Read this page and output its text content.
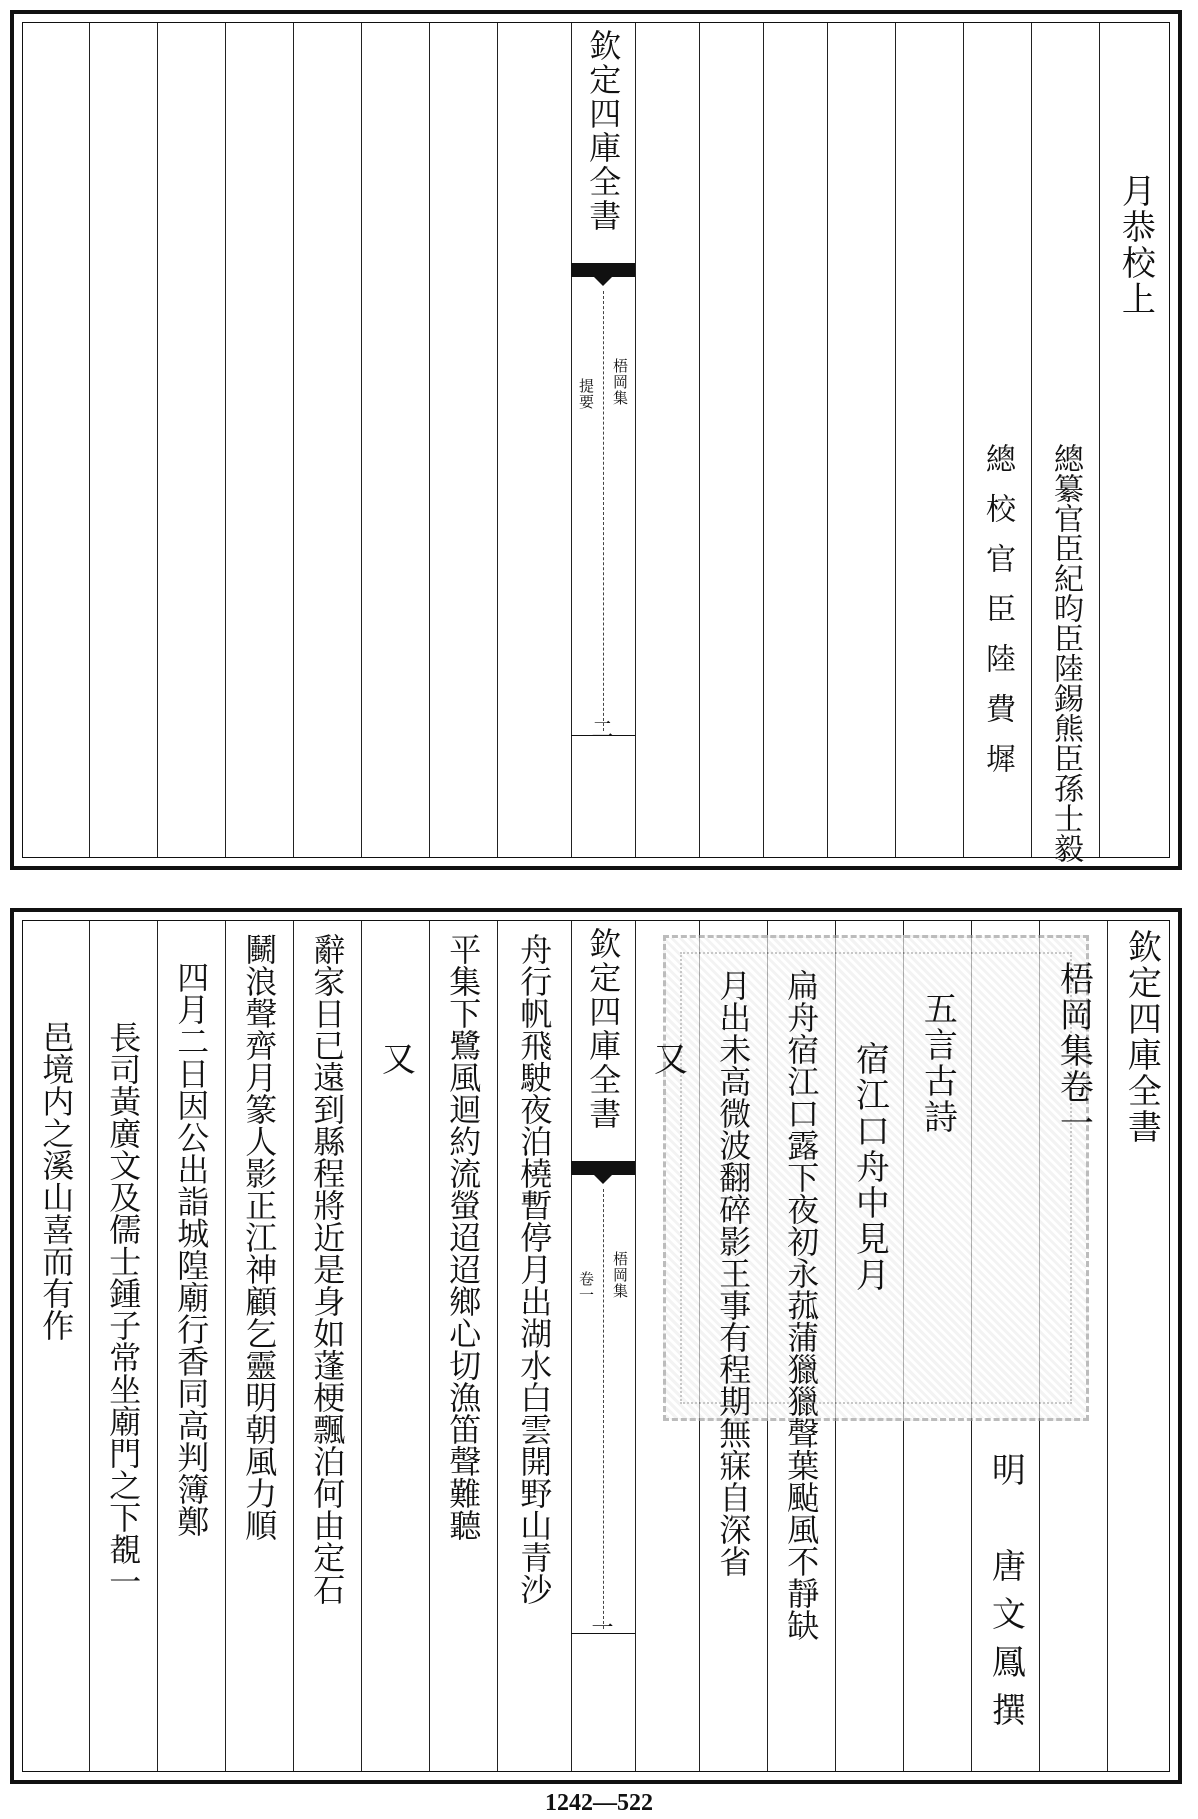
欽定四庫全書
梧岡集
提要
二
月恭校上
總纂官臣紀昀臣陸錫熊臣孫士毅
總校官臣陸費墀
欽定四庫全書
梧岡集卷一
明
唐文鳳撰
五言古詩
宿江口舟中見月
扁舟宿江口露下夜初永菰蒲獵獵聲葉颭風不靜缺
月出未高微波翻碎影王事有程期無寐自深省
又
欽定四庫全書
梧岡集
卷一
一
舟行帆飛駛夜泊橈暫停月出湖水白雲開野山青沙
平集下鷺風迴約流螢迢迢鄉心切漁笛聲難聽
又
辭家日已遠到縣程將近是身如蓬梗飄泊何由定石
鬭浪聲齊月篆人影正江神顧乞靈明朝風力順
四月二日因公出詣城隍廟行香同高判簿鄭
長司黃廣文及儒士鍾子常坐廟門之下覩一
邑境内之溪山喜而有作
1242—522
